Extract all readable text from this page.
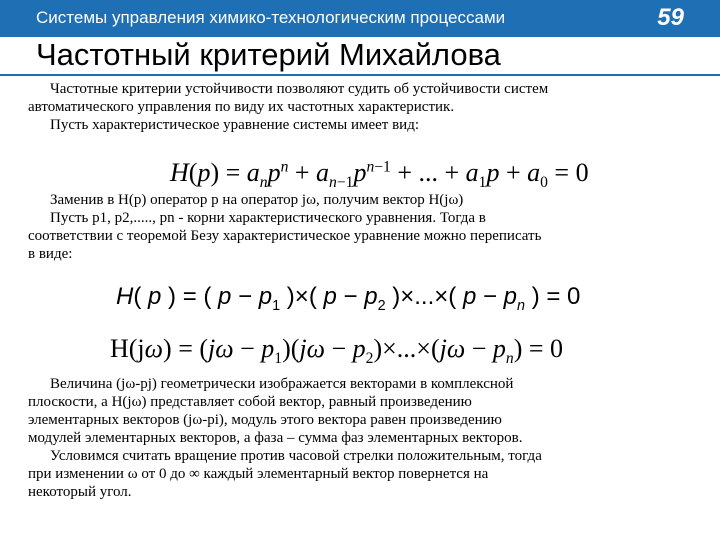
Системы управления химико-технологическим процессами	59
Частотный критерий Михайлова
Частотные критерии устойчивости позволяют судить об устойчивости систем
автоматического управления по виду их частотных характеристик.
Пусть характеристическое уравнение системы имеет вид:
$H(p) = a_np^n + a_{n-1}p^{n-1}$ + ... + $a_1p + a_0 = 0$
Заменив в H(p) оператор р на оператор jω, получим вектор H(jω)
Пусть p1, p2,....., pn - корни характеристического уравнения. Тогда в
соответствии с теоремой Безу характеристическое уравнение можно переписать
в виде:
H( p ) = ( $p - p_1$ )×( $p - p_2$ )×...×( $p - p_n$ ) = 0
$H(j\omega) = (j\omega - p_1)(j\omega - p_2)\times...\times(j\omega - p_n) = 0$
Величина (jω-pj) геометрически изображается векторами в комплексной
плоскости, а H(jω) представляет собой вектор, равный произведению
элементарных векторов (jω-pi), модуль этого вектора равен произведению
модулей элементарных векторов, а фаза – сумма фаз элементарных векторов.
Условимся считать вращение против часовой стрелки положительным, тогда
при изменении ω от 0 до ∞ каждый элементарный вектор повернется на
некоторый угол.
